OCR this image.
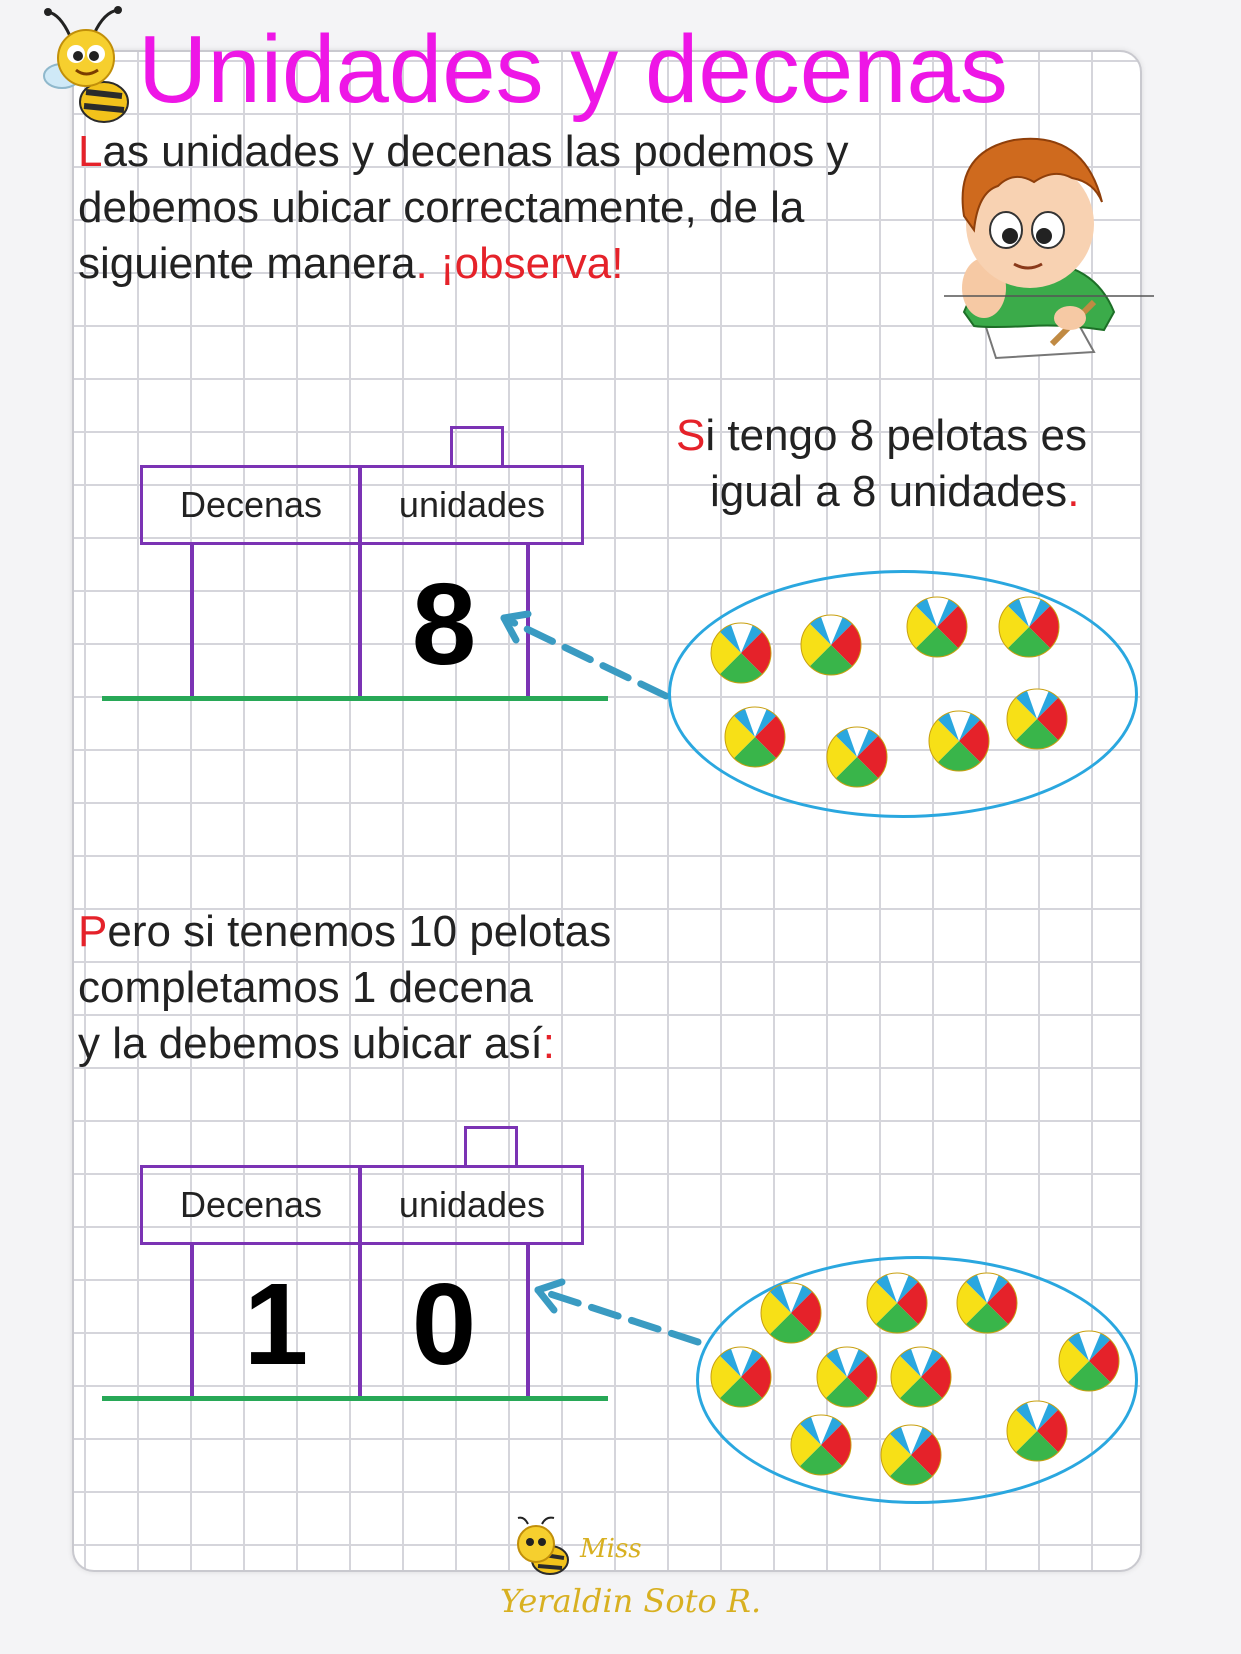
Unidades y decenas
Las unidades y decenas las podemos y
debemos ubicar correctamente, de la
siguiente manera. ¡observa!
Si tengo 8 pelotas es
igual a 8 unidades.
Decenas	unidades
8
Pero si tenemos 10 pelotas
completamos 1 decena
y la debemos ubicar así:
Decenas	unidades
1 0
Miss
Yeraldin Soto R.
